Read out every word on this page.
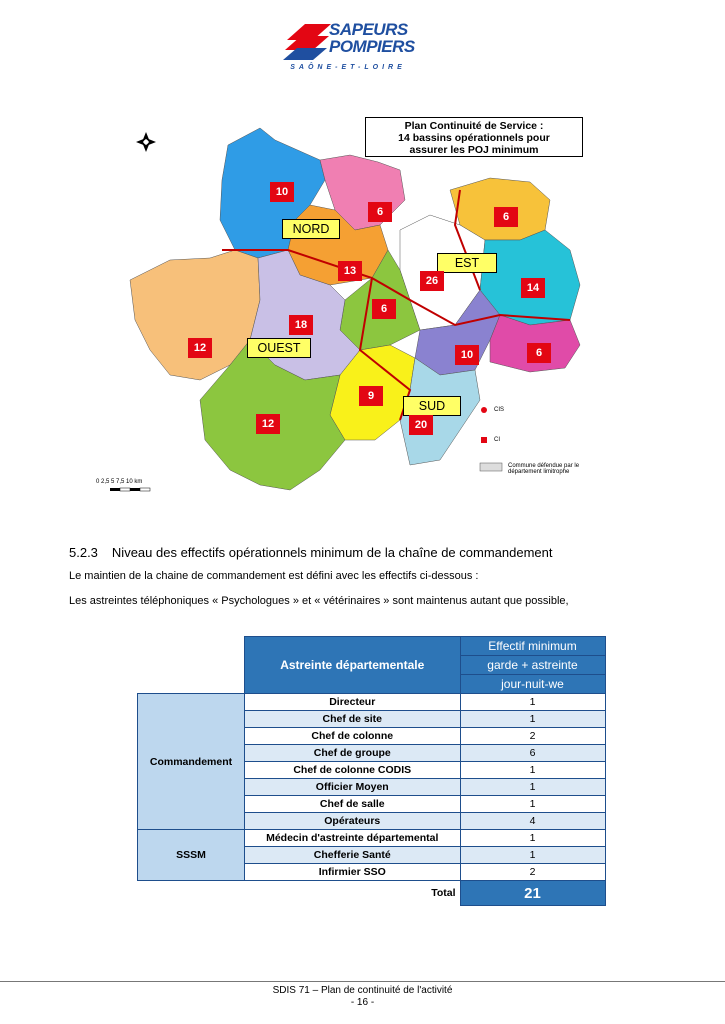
SAPEURS
POMPIERS
SAÔNE-ET-LOIRE
Plan Continuité de Service :
14 bassins opérationnels pour
assurer les POJ minimum
NORD
EST
OUEST
SUD
10
6	6
13
26
14
18
6
12
10	6
9
12	20
CIS
CI
Commune défendue par le département limitrophe
0 2,5 5 7,5 10 km
5.2.3 Niveau des effectifs opérationnels minimum de la chaîne de commandement
Le maintien de la chaine de commandement est défini avec les effectifs ci-dessous :
Les astreintes téléphoniques « Psychologues » et « vétérinaires » sont maintenus autant que possible,
	Astreinte départementale	Effectif minimum
		garde + astreinte
		jour-nuit-we
Commandement	Directeur	1
	Chef de site	1
	Chef de colonne	2
	Chef de groupe	6
	Chef de colonne CODIS	1
	Officier Moyen	1
	Chef de salle	1
	Opérateurs	4
SSSM	Médecin d'astreinte départemental	1
	Chefferie Santé	1
	Infirmier SSO	2
	Total	21
SDIS 71 – Plan de continuité de l'activité
- 16 -
